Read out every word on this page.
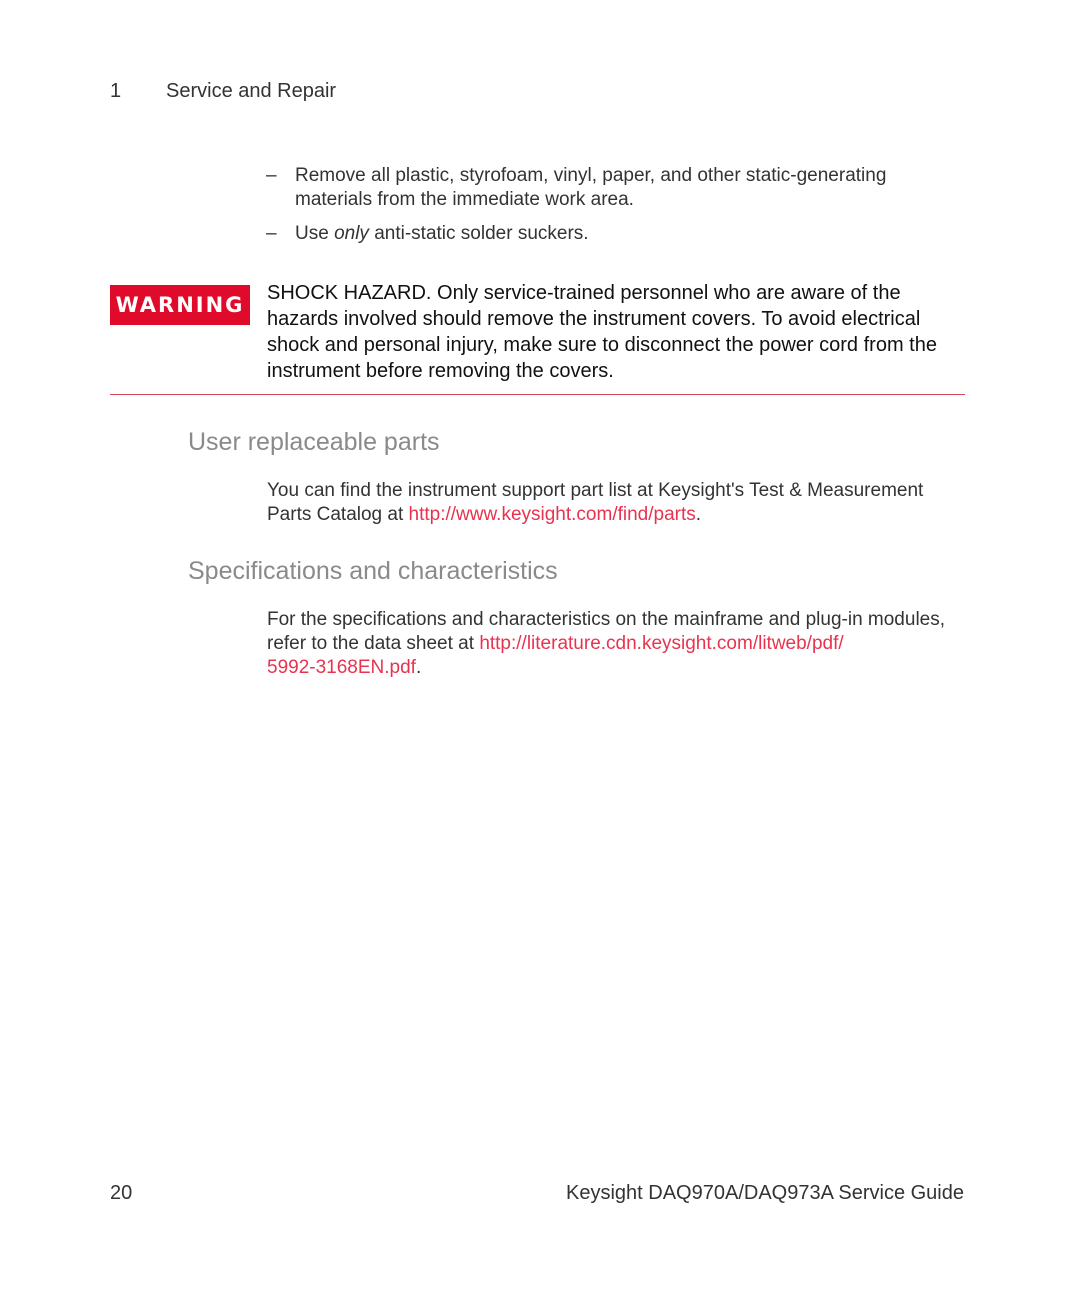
1 Service and Repair
– Remove all plastic, styrofoam, vinyl, paper, and other static-generating materials from the immediate work area.
– Use only anti-static solder suckers.
WARNING SHOCK HAZARD. Only service-trained personnel who are aware of the hazards involved should remove the instrument covers. To avoid electrical shock and personal injury, make sure to disconnect the power cord from the instrument before removing the covers.
User replaceable parts
You can find the instrument support part list at Keysight's Test & Measurement Parts Catalog at http://www.keysight.com/find/parts.
Specifications and characteristics
For the specifications and characteristics on the mainframe and plug-in modules, refer to the data sheet at http://literature.cdn.keysight.com/litweb/pdf/
5992-3168EN.pdf.
20	Keysight DAQ970A/DAQ973A Service Guide
